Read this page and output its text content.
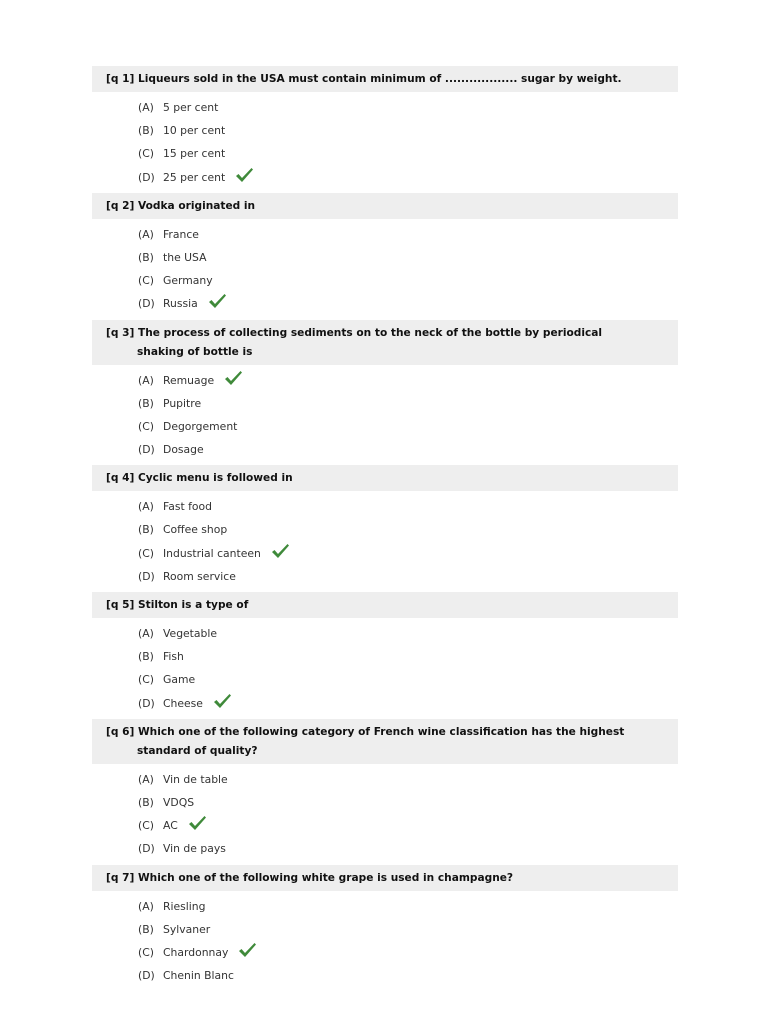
[q 1] Liqueurs sold in the USA must contain minimum of .................. sugar by weight.
(A) 5 per cent
(B) 10 per cent
(C) 15 per cent
(D) 25 per cent
[q 2] Vodka originated in
(A) France
(B) the USA
(C) Germany
(D) Russia
[q 3] The process of collecting sediments on to the neck of the bottle by periodical
shaking of bottle is
(A) Remuage
(B) Pupitre
(C) Degorgement
(D) Dosage
[q 4] Cyclic menu is followed in
(A) Fast food
(B) Coffee shop
(C) Industrial canteen
(D) Room service
[q 5] Stilton is a type of
(A) Vegetable
(B) Fish
(C) Game
(D) Cheese
[q 6] Which one of the following category of French wine classification has the highest
standard of quality?
(A) Vin de table
(B) VDQS
(C) AC
(D) Vin de pays
[q 7] Which one of the following white grape is used in champagne?
(A) Riesling
(B) Sylvaner
(C) Chardonnay
(D) Chenin Blanc
